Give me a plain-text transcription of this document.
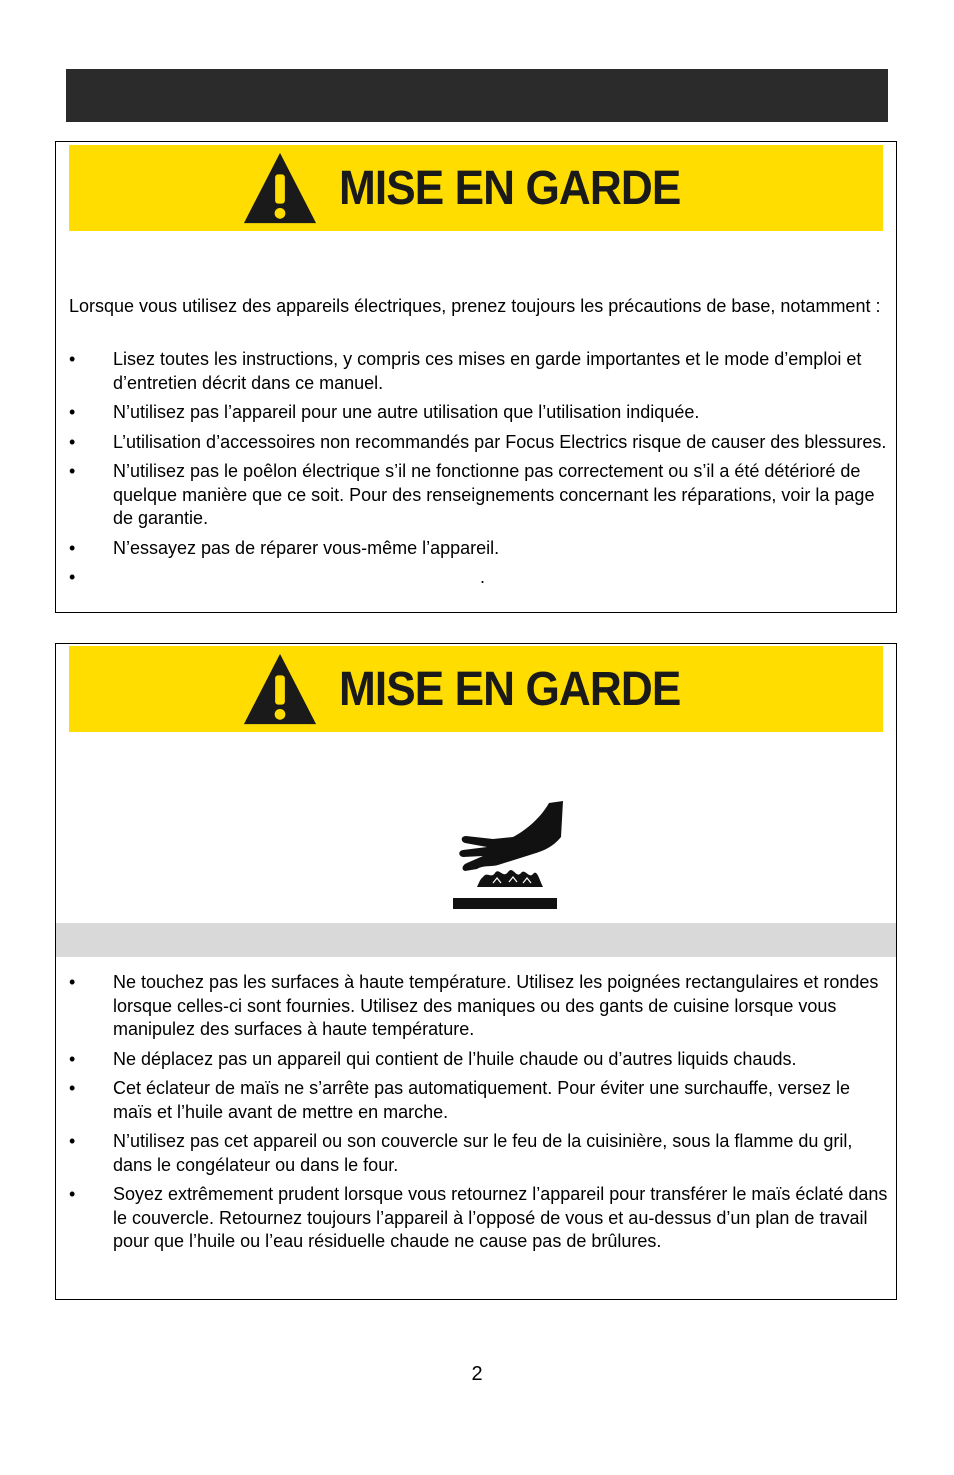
MISE EN GARDE
Lorsque vous utilisez des appareils électriques, prenez toujours les précautions de base, notamment :
• Lisez toutes les instructions, y compris ces mises en garde importantes et le mode d’emploi et d’entretien décrit dans ce manuel.
• N’utilisez pas l’appareil pour une autre utilisation que l’utilisation indiquée.
• L’utilisation d’accessoires non recommandés par Focus Electrics risque de causer des blessures.
• N’utilisez pas le poêlon électrique s’il ne fonctionne pas correctement ou s’il a été détérioré de quelque manière que ce soit. Pour des renseignements concernant les réparations, voir la page de garantie.
• N’essayez pas de réparer vous-même l’appareil.
•	.
MISE EN GARDE
• Ne touchez pas les surfaces à haute température. Utilisez les poignées rectangulaires et rondes lorsque celles-ci sont fournies. Utilisez des maniques ou des gants de cuisine lorsque vous manipulez des surfaces à haute température.
• Ne déplacez pas un appareil qui contient de l’huile chaude ou d’autres liquids chauds.
• Cet éclateur de maïs ne s’arrête pas automatiquement. Pour éviter une surchauffe, versez le maïs et l’huile avant de mettre en marche.
• N’utilisez pas cet appareil ou son couvercle sur le feu de la cuisinière, sous la flamme du gril, dans le congélateur ou dans le four.
• Soyez extrêmement prudent lorsque vous retournez l’appareil pour transférer le maïs éclaté dans le couvercle. Retournez toujours l’appareil à l’opposé de vous et au-dessus d’un plan de travail pour que l’huile ou l’eau résiduelle chaude ne cause pas de brûlures.
2
